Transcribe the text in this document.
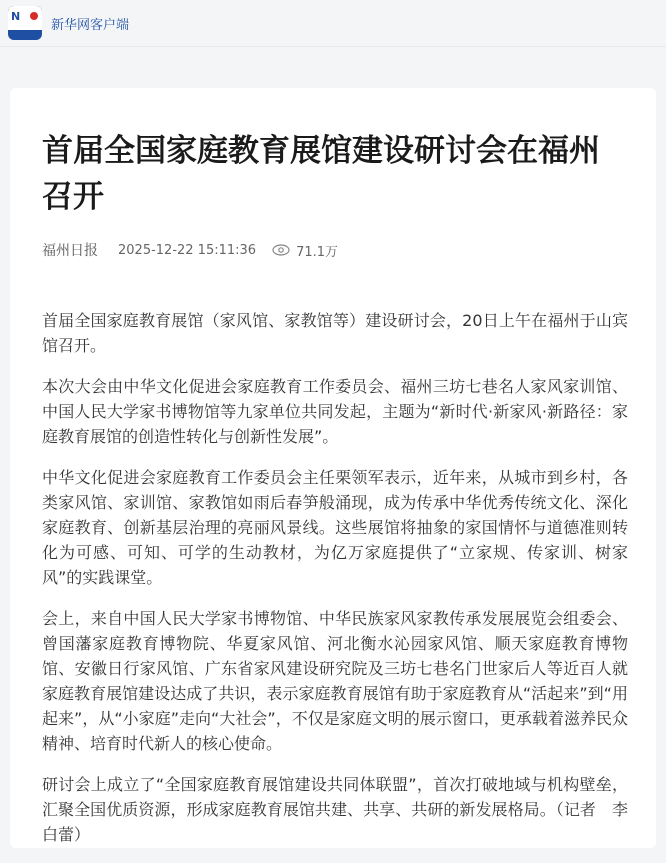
N
新华网客户端
首届全国家庭教育展馆建设研讨会在福州召开
福州日报 2025-12-22 15:11:36	71.1万

首届全国家庭教育展馆（家风馆、家教馆等）建设研讨会，20日上午在福州于山宾馆召开。

本次大会由中华文化促进会家庭教育工作委员会、福州三坊七巷名人家风家训馆、中国人民大学家书博物馆等九家单位共同发起，主题为“新时代·新家风·新路径：家庭教育展馆的创造性转化与创新性发展”。

中华文化促进会家庭教育工作委员会主任栗领军表示，近年来，从城市到乡村，各类家风馆、家训馆、家教馆如雨后春笋般涌现，成为传承中华优秀传统文化、深化家庭教育、创新基层治理的亮丽风景线。这些展馆将抽象的家国情怀与道德准则转化为可感、可知、可学的生动教材，为亿万家庭提供了“立家规、传家训、树家风”的实践课堂。

会上，来自中国人民大学家书博物馆、中华民族家风家教传承发展展览会组委会、曾国藩家庭教育博物院、华夏家风馆、河北衡水沁园家风馆、顺天家庭教育博物馆、安徽日行家风馆、广东省家风建设研究院及三坊七巷名门世家后人等近百人就家庭教育展馆建设达成了共识，表示家庭教育展馆有助于家庭教育从“活起来”到“用起来”，从“小家庭”走向“大社会”，不仅是家庭文明的展示窗口，更承载着滋养民众精神、培育时代新人的核心使命。

研讨会上成立了“全国家庭教育展馆建设共同体联盟”，首次打破地域与机构壁垒，汇聚全国优质资源，形成家庭教育展馆共建、共享、共研的新发展格局。（记者　李白蕾）
